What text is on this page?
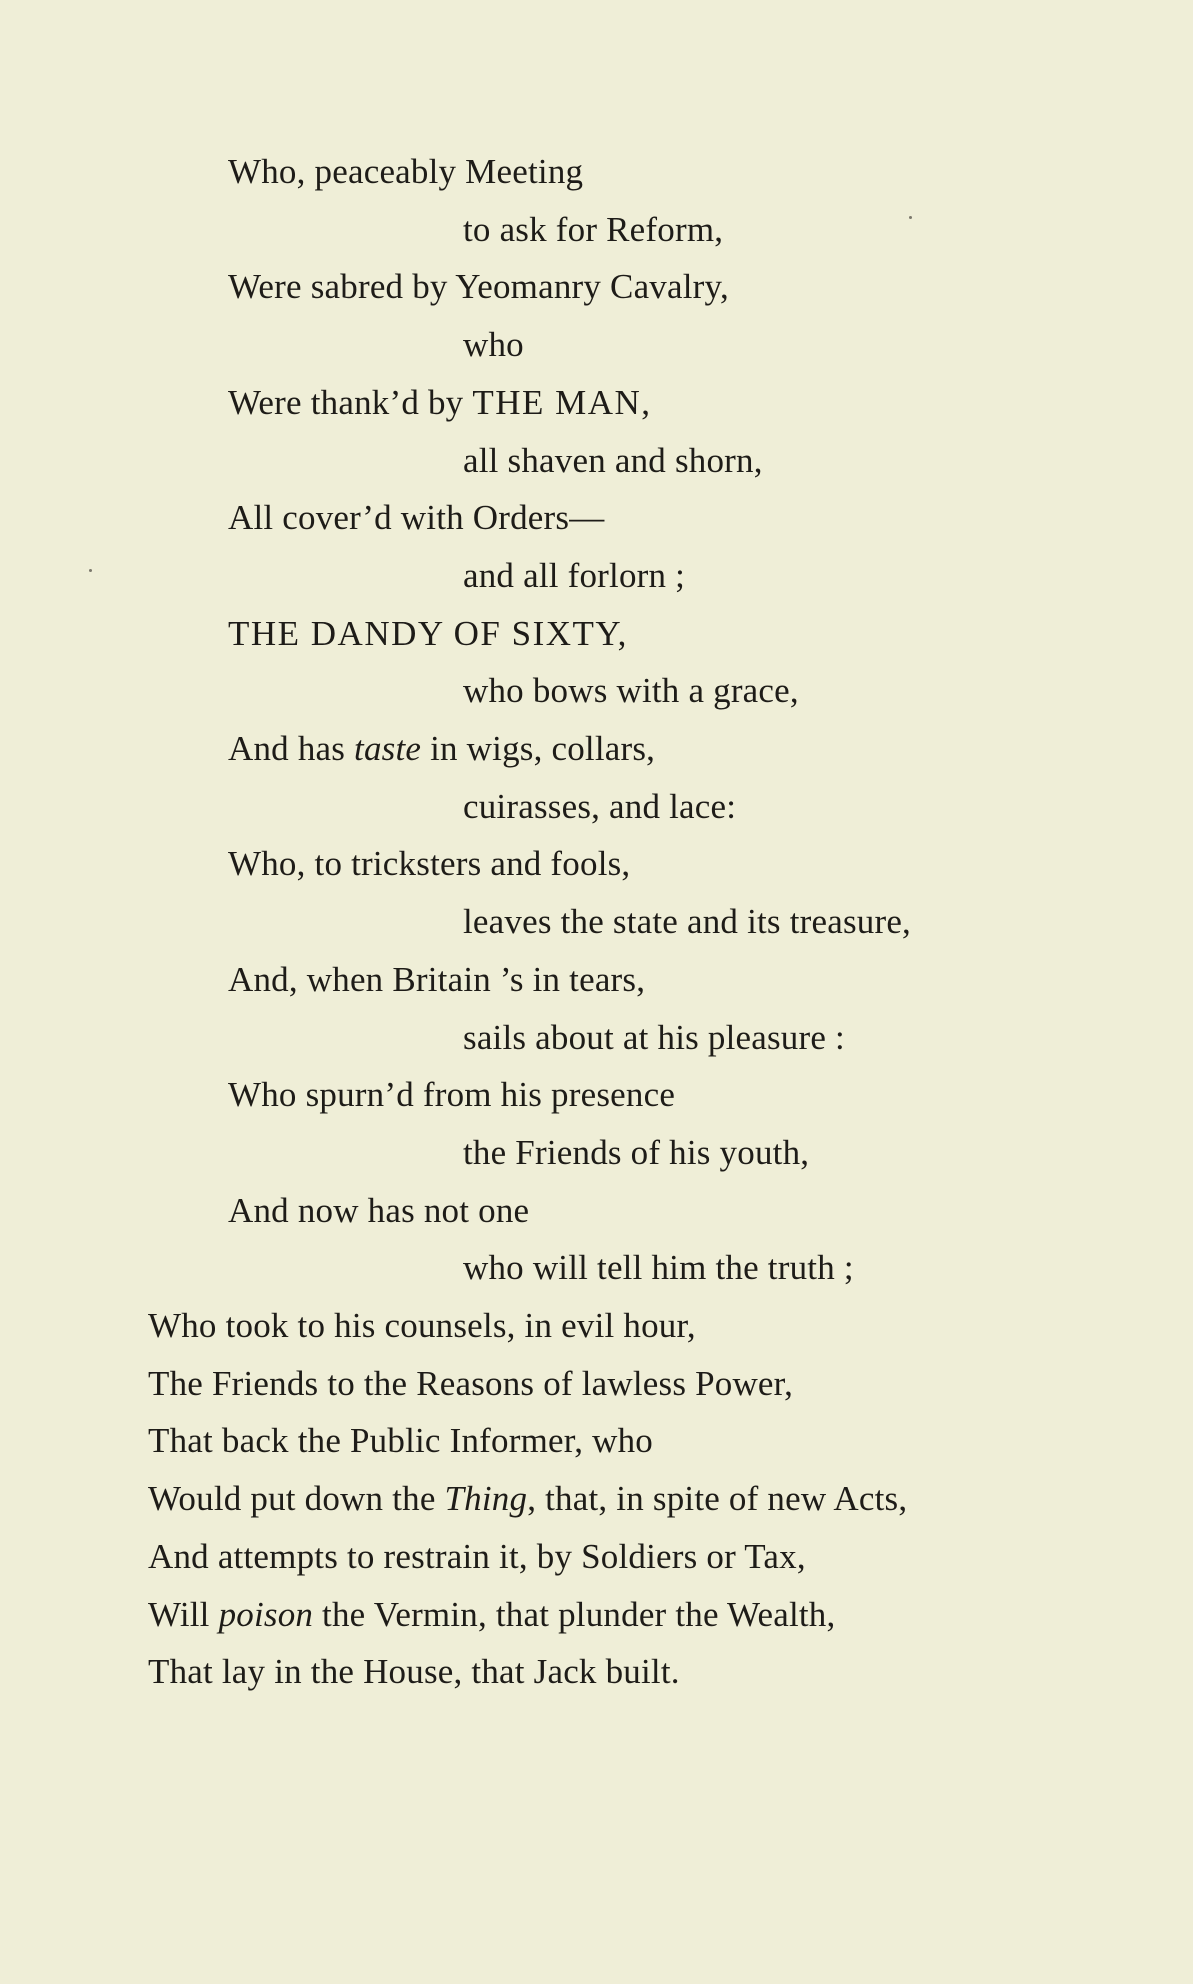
Who, peaceably Meeting
to ask for Reform,
Were sabred by Yeomanry Cavalry,
who
Were thank’d by THE MAN,
all shaven and shorn,
All cover’d with Orders—
and all forlorn ;
THE DANDY OF SIXTY,
who bows with a grace,
And has taste in wigs, collars,
cuirasses, and lace:
Who, to tricksters and fools,
leaves the state and its treasure,
And, when Britain ’s in tears,
sails about at his pleasure :
Who spurn’d from his presence
the Friends of his youth,
And now has not one
who will tell him the truth ;
Who took to his counsels, in evil hour,
The Friends to the Reasons of lawless Power,
That back the Public Informer, who
Would put down the Thing, that, in spite of new Acts,
And attempts to restrain it, by Soldiers or Tax,
Will poison the Vermin, that plunder the Wealth,
That lay in the House, that Jack built.
